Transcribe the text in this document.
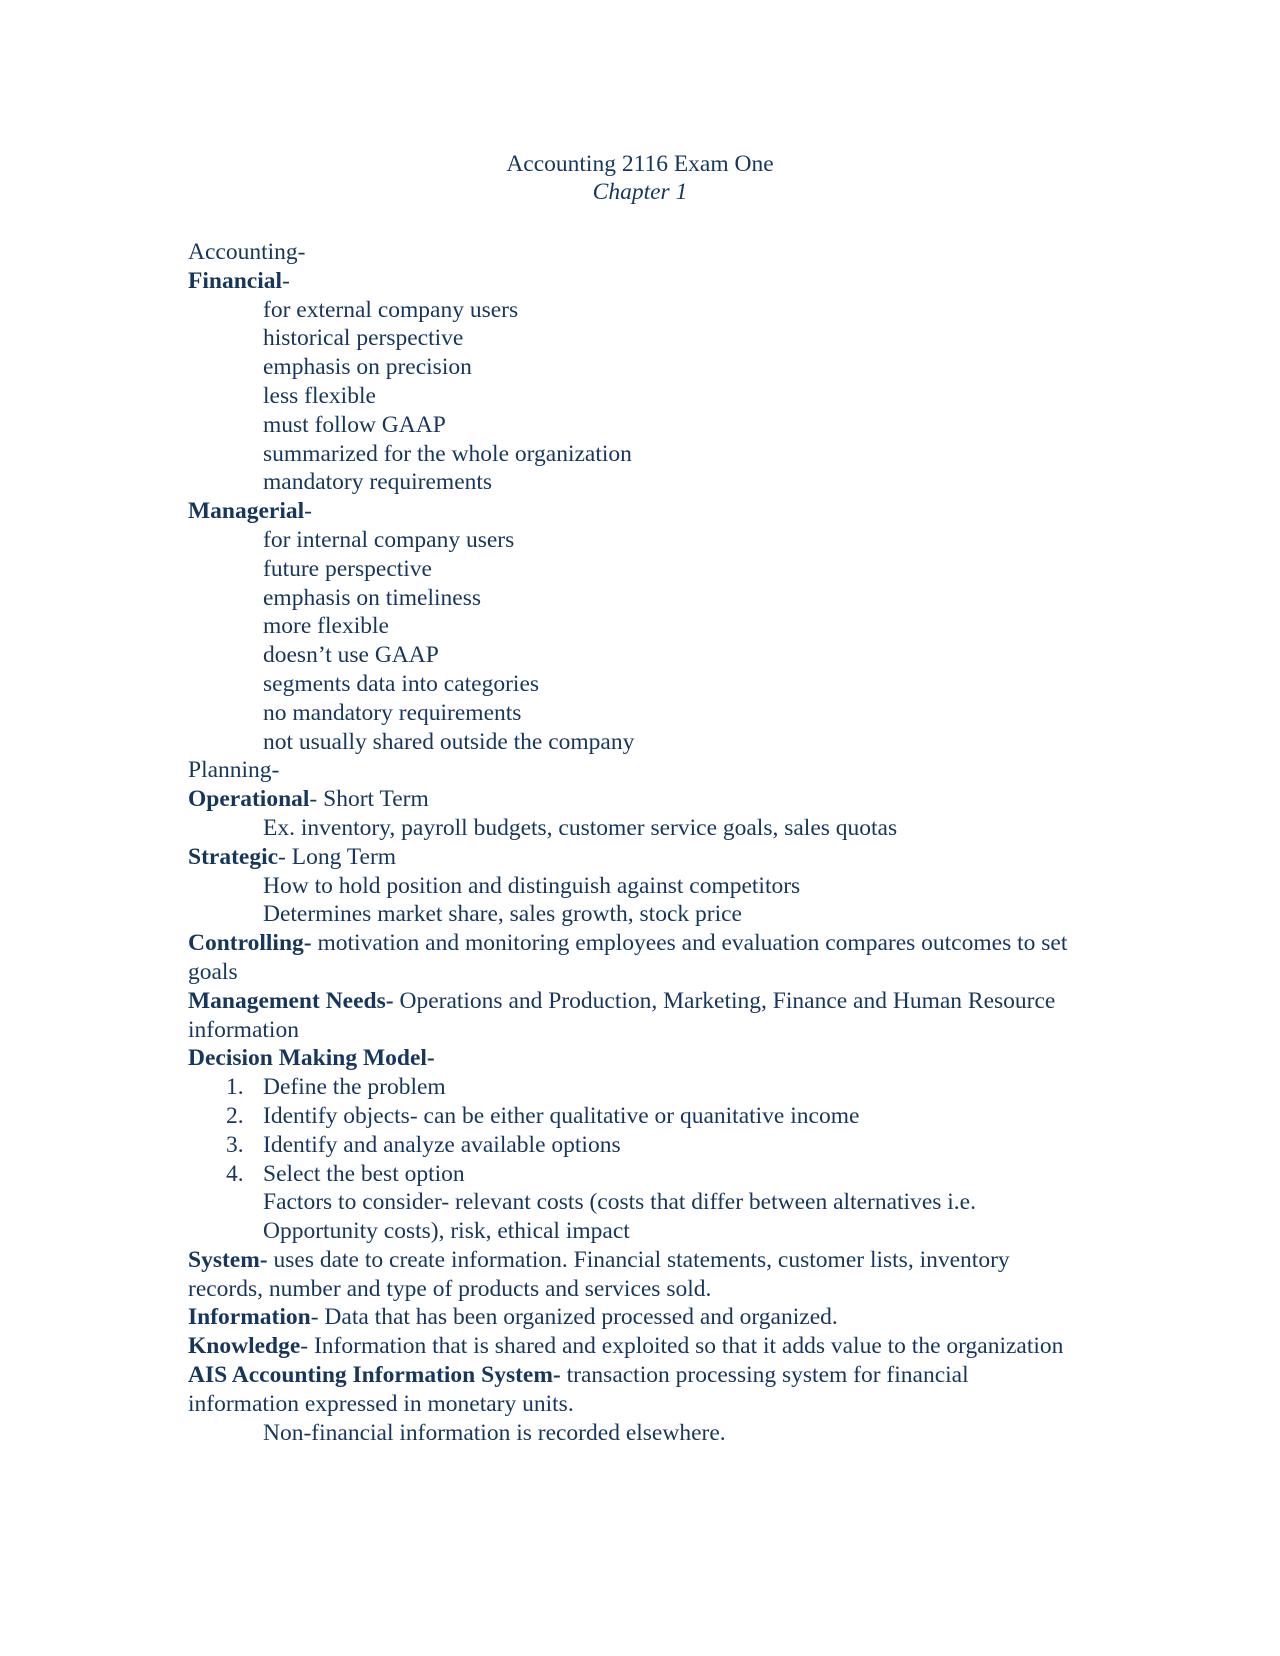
Accounting 2116 Exam One
Chapter 1
Accounting-
Financial-
for external company users
historical perspective
emphasis on precision
less flexible
must follow GAAP
summarized for the whole organization
mandatory requirements
Managerial-
for internal company users
future perspective
emphasis on timeliness
more flexible
doesn’t use GAAP
segments data into categories
no mandatory requirements
not usually shared outside the company
Planning-
Operational- Short Term
Ex. inventory, payroll budgets, customer service goals, sales quotas
Strategic- Long Term
How to hold position and distinguish against competitors
Determines market share, sales growth, stock price
Controlling- motivation and monitoring employees and evaluation compares outcomes to set goals
Management Needs- Operations and Production, Marketing, Finance and Human Resource information
Decision Making Model-
1. Define the problem
2. Identify objects- can be either qualitative or quanitative income
3. Identify and analyze available options
4. Select the best option
Factors to consider- relevant costs (costs that differ between alternatives i.e. Opportunity costs), risk, ethical impact
System- uses date to create information. Financial statements, customer lists, inventory records, number and type of products and services sold.
Information- Data that has been organized processed and organized.
Knowledge- Information that is shared and exploited so that it adds value to the organization
AIS Accounting Information System- transaction processing system for financial information expressed in monetary units.
Non-financial information is recorded elsewhere.
